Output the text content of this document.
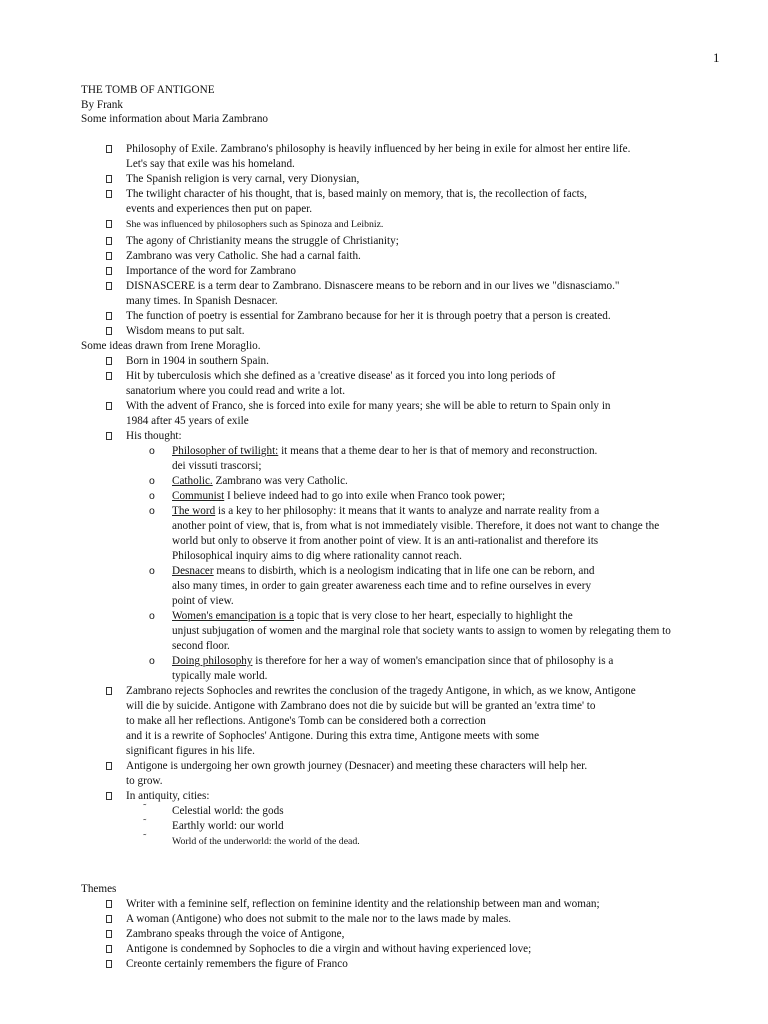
1
THE TOMB OF ANTIGONE
By Frank
Some information about Maria Zambrano
Philosophy of Exile. Zambrano's philosophy is heavily influenced by her being in exile for almost her entire life.
Let's say that exile was his homeland.
The Spanish religion is very carnal, very Dionysian,
The twilight character of his thought, that is, based mainly on memory, that is, the recollection of facts,
events and experiences then put on paper.
She was influenced by philosophers such as Spinoza and Leibniz.
The agony of Christianity means the struggle of Christianity;
Zambrano was very Catholic. She had a carnal faith.
Importance of the word for Zambrano
DISNASCERE is a term dear to Zambrano. Disnascere means to be reborn and in our lives we "disnasciamo."
many times. In Spanish Desnacer.
The function of poetry is essential for Zambrano because for her it is through poetry that a person is created.
Wisdom means to put salt.
Some ideas drawn from Irene Moraglio.
Born in 1904 in southern Spain.
Hit by tuberculosis which she defined as a 'creative disease' as it forced you into long periods of
sanatorium where you could read and write a lot.
With the advent of Franco, she is forced into exile for many years; she will be able to return to Spain only in
1984 after 45 years of exile
His thought:
o Philosopher of twilight: it means that a theme dear to her is that of memory and reconstruction.
dei vissuti trascorsi;
o Catholic. Zambrano was very Catholic.
o Communist I believe indeed had to go into exile when Franco took power;
o The word is a key to her philosophy: it means that it wants to analyze and narrate reality from a
another point of view, that is, from what is not immediately visible. Therefore, it does not want to change the
world but only to observe it from another point of view. It is an anti-rationalist and therefore its
Philosophical inquiry aims to dig where rationality cannot reach.
o Desnacer means to disbirth, which is a neologism indicating that in life one can be reborn, and
also many times, in order to gain greater awareness each time and to refine ourselves in every
point of view.
o Women's emancipation is a topic that is very close to her heart, especially to highlight the
unjust subjugation of women and the marginal role that society wants to assign to women by relegating them to
second floor.
o Doing philosophy is therefore for her a way of women's emancipation since that of philosophy is a
typically male world.
Zambrano rejects Sophocles and rewrites the conclusion of the tragedy Antigone, in which, as we know, Antigone
will die by suicide. Antigone with Zambrano does not die by suicide but will be granted an 'extra time' to
to make all her reflections. Antigone's Tomb can be considered both a correction
and it is a rewrite of Sophocles' Antigone. During this extra time, Antigone meets with some
significant figures in his life.
Antigone is undergoing her own growth journey (Desnacer) and meeting these characters will help her.
to grow.
In antiquity, cities:
˜ Celestial world: the gods
˜ Earthly world: our world
˜	World of the underworld: the world of the dead.
Themes
Writer with a feminine self, reflection on feminine identity and the relationship between man and woman;
A woman (Antigone) who does not submit to the male nor to the laws made by males.
Zambrano speaks through the voice of Antigone,
Antigone is condemned by Sophocles to die a virgin and without having experienced love;
Creonte certainly remembers the figure of Franco
